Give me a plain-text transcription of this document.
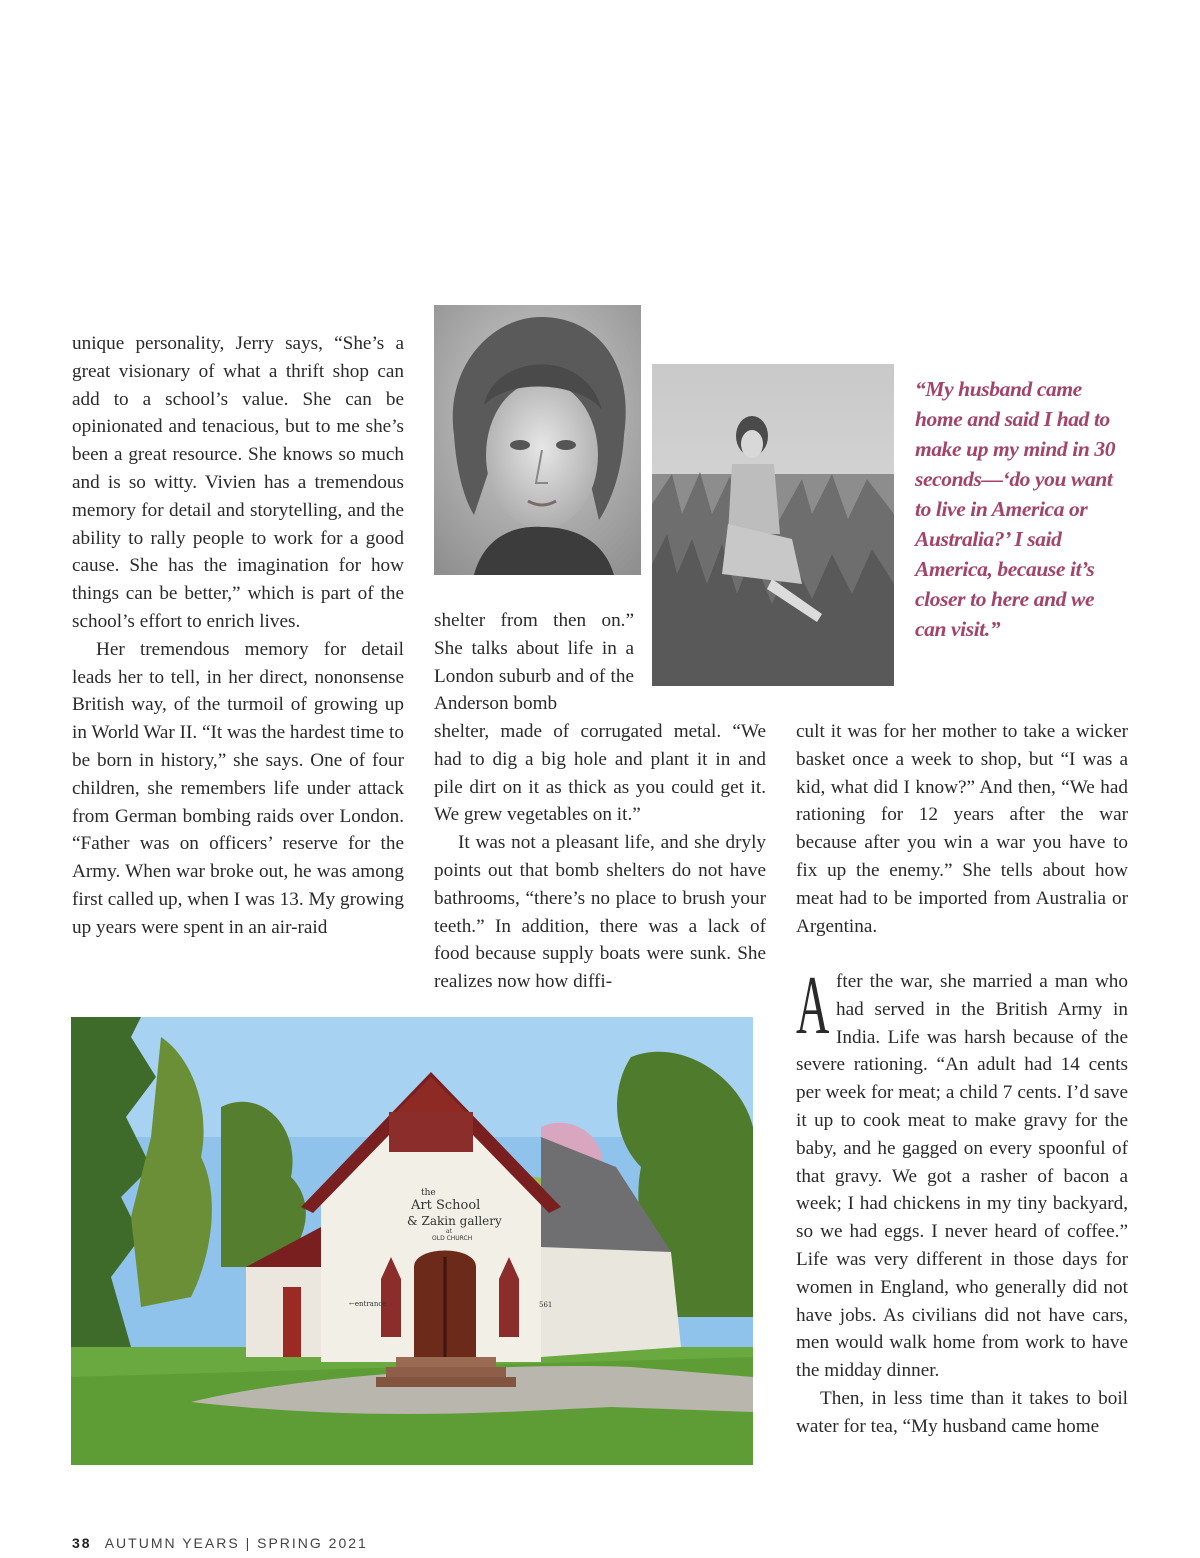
unique personality, Jerry says, “She’s a great visionary of what a thrift shop can add to a school’s value. She can be opinionated and tenacious, but to me she’s been a great resource. She knows so much and is so witty. Vivien has a tremendous memory for detail and storytelling, and the ability to rally people to work for a good cause. She has the imagination for how things can be better,” which is part of the school’s effort to enrich lives.

Her tremendous memory for detail leads her to tell, in her direct, nononsense British way, of the turmoil of growing up in World War II. “It was the hardest time to be born in history,” she says. One of four children, she remembers life under attack from German bombing raids over London. “Father was on officers’ reserve for the Army. When war broke out, he was among first called up, when I was 13. My growing up years were spent in an air-raid

“My husband came home and said I had to make up my mind in 30 seconds—‘do you want to live in America or Australia?’ I said America, because it’s closer to here and we can visit.”

shelter from then on.” She talks about life in a London suburb and of the Anderson bomb

shelter, made of corrugated metal. “We had to dig a big hole and plant it in and pile dirt on it as thick as you could get it. We grew vegetables on it.”

It was not a pleasant life, and she dryly points out that bomb shelters do not have bathrooms, “there’s no place to brush your teeth.” In addition, there was a lack of food because supply boats were sunk. She realizes now how diffi-

cult it was for her mother to take a wicker basket once a week to shop, but “I was a kid, what did I know?” And then, “We had rationing for 12 years after the war because after you win a war you have to fix up the enemy.” She tells about how meat had to be imported from Australia or Argentina.

After the war, she married a man who had served in the British Army in India. Life was harsh because of the severe rationing. “An adult had 14 cents per week for meat; a child 7 cents. I’d save it up to cook meat to make gravy for the baby, and he gagged on every spoonful of that gravy. We got a rasher of bacon a week; I had chickens in my tiny backyard, so we had eggs. I never heard of coffee.” Life was very different in those days for women in England, who generally did not have jobs. As civilians did not have cars, men would walk home from work to have the midday dinner.

Then, in less time than it takes to boil water for tea, “My husband came home

the
Art School
& Zakin gallery
at
OLD CHURCH
←entrance	561
38 AUTUMN YEARS | SPRING 2021
